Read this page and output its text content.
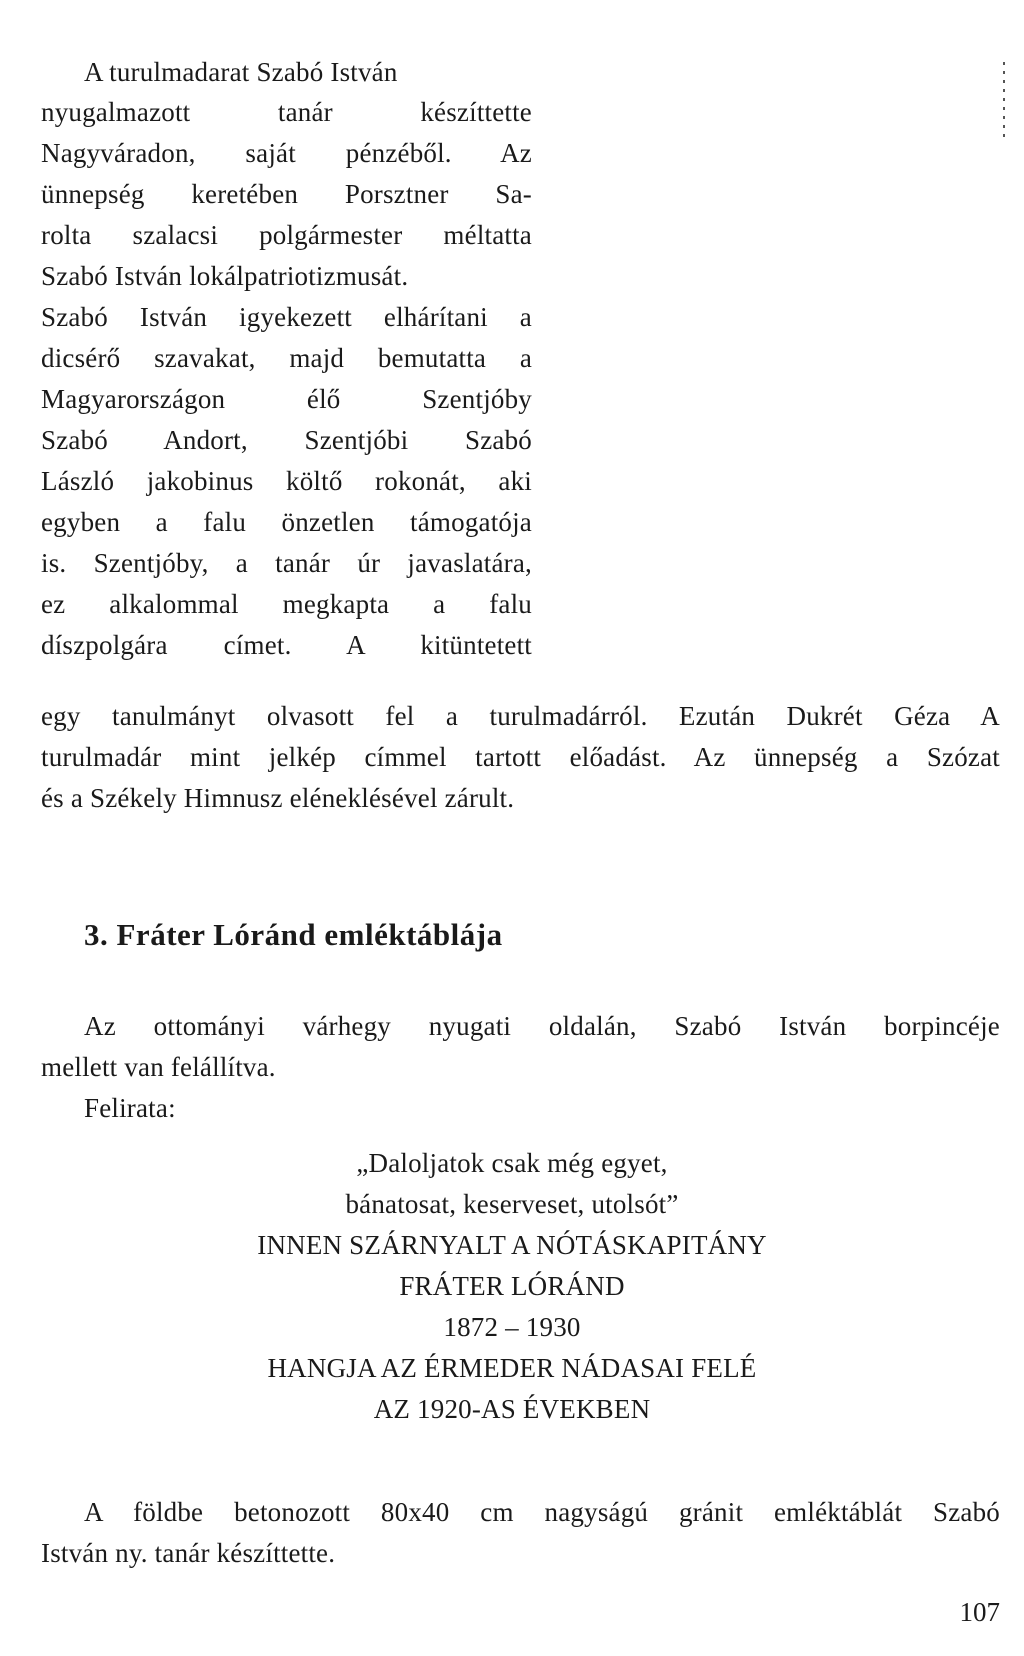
A turulmadarat Szabó István
nyugalmazott tanár készíttette
Nagyváradon, saját pénzéből. Az
ünnepség keretében Porsztner Sa-
rolta szalacsi polgármester méltatta
Szabó István lokálpatriotizmusát.
Szabó István igyekezett elhárítani a
dicsérő szavakat, majd bemutatta a
Magyarországon élő Szentjóby
Szabó Andort, Szentjóbi Szabó
László jakobinus költő rokonát, aki
egyben a falu önzetlen támogatója
is. Szentjóby, a tanár úr javaslatára,
ez alkalommal megkapta a falu
díszpolgára címet. A kitüntetett
egy tanulmányt olvasott fel a turulmadárról. Ezután Dukrét Géza A
turulmadár mint jelkép címmel tartott előadást. Az ünnepség a Szózat
és a Székely Himnusz eléneklésével zárult.
3. Fráter Lóránd emléktáblája
Az ottományi várhegy nyugati oldalán, Szabó István borpincéje
mellett van felállítva.
Felirata:
„Daloljatok csak még egyet,
bánatosat, keserveset, utolsót”
INNEN SZÁRNYALT A NÓTÁSKAPITÁNY
FRÁTER LÓRÁND
1872 – 1930
HANGJA AZ ÉRMEDER NÁDASAI FELÉ
AZ 1920-AS ÉVEKBEN
A földbe betonozott 80x40 cm nagyságú gránit emléktáblát Szabó
István ny. tanár készíttette.
107
